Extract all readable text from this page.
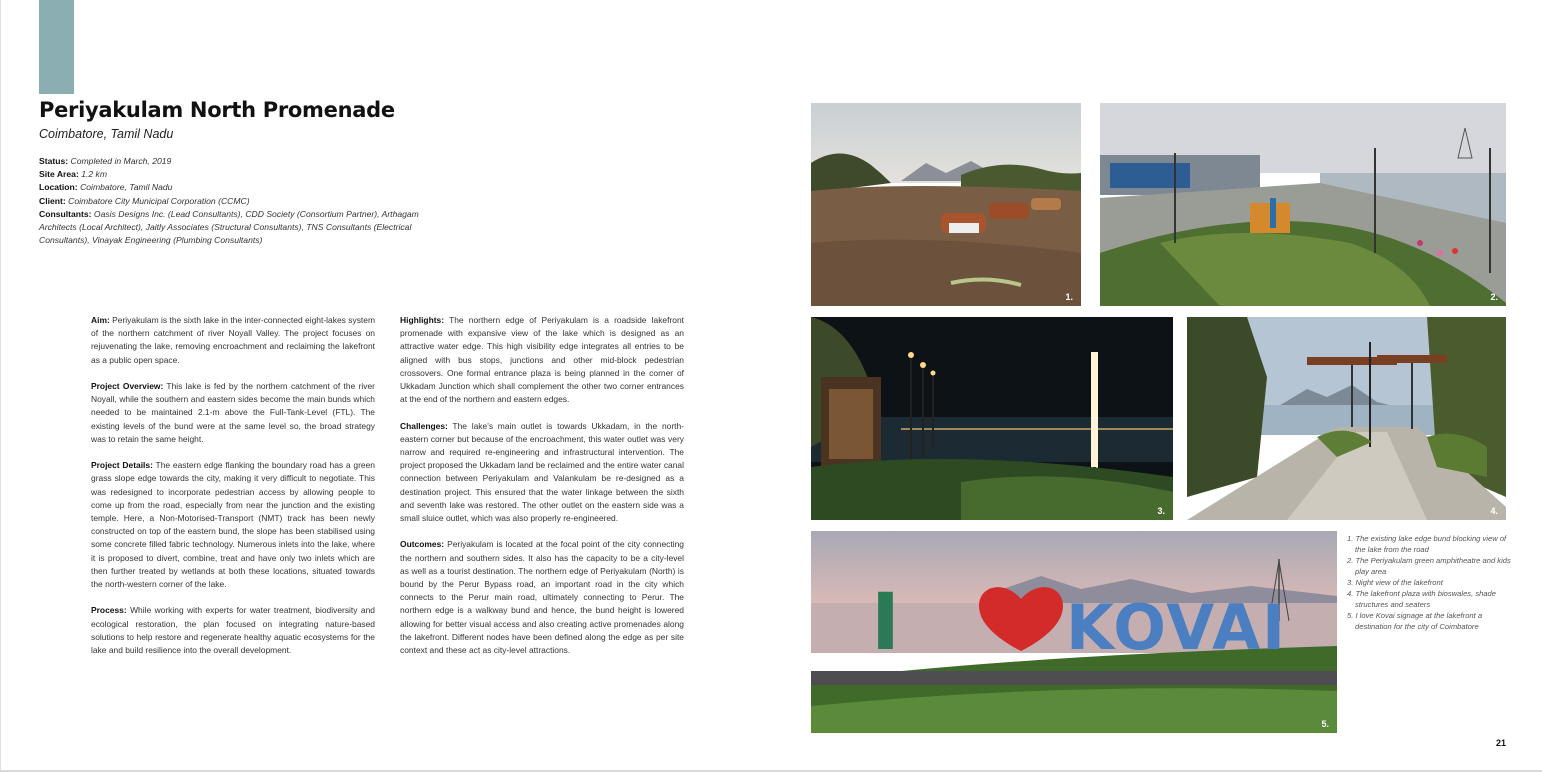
Periyakulam North Promenade
Coimbatore, Tamil Nadu
Status: Completed in March, 2019
Site Area: 1.2 km
Location: Coimbatore, Tamil Nadu
Client: Coimbatore City Municipal Corporation (CCMC)
Consultants: Oasis Designs Inc. (Lead Consultants), CDD Society (Consortium Partner), Arthagam Architects (Local Architect), Jaitly Associates (Structural Consultants), TNS Consultants (Electrical Consultants), Vinayak Engineering (Plumbing Consultants)

Aim: Periyakulam is the sixth lake in the inter-connected eight-lakes system of the northern catchment of river Noyall Valley. The project focuses on rejuvenating the lake, removing encroachment and reclaiming the lakefront as a public open space.

Project Overview: This lake is fed by the northern catchment of the river Noyall, while the southern and eastern sides become the main bunds which needed to be maintained 2.1-m above the Full-Tank-Level (FTL). The existing levels of the bund were at the same level so, the broad strategy was to retain the same height.

Project Details: The eastern edge flanking the boundary road has a green grass slope edge towards the city, making it very difficult to negotiate. This was redesigned to incorporate pedestrian access by allowing people to come up from the road, especially from near the junction and the existing temple. Here, a Non-Motorised-Transport (NMT) track has been newly constructed on top of the eastern bund, the slope has been stabilised using some concrete filled fabric technology. Numerous inlets into the lake, where it is proposed to divert, combine, treat and have only two inlets which are then further treated by wetlands at both these locations, situated towards the north-western corner of the lake.

Process: While working with experts for water treatment, biodiversity and ecological restoration, the plan focused on integrating nature-based solutions to help restore and regenerate healthy aquatic ecosystems for the lake and build resilience into the overall development.

Highlights: The northern edge of Periyakulam is a roadside lakefront promenade with expansive view of the lake which is designed as an attractive water edge. This high visibility edge integrates all entries to be aligned with bus stops, junctions and other mid-block pedestrian crossovers. One formal entrance plaza is being planned in the corner of Ukkadam Junction which shall complement the other two corner entrances at the end of the northern and eastern edges.

Challenges: The lake's main outlet is towards Ukkadam, in the north-eastern corner but because of the encroachment, this water outlet was very narrow and required re-engineering and infrastructural intervention. The project proposed the Ukkadam land be reclaimed and the entire water canal connection between Periyakulam and Valankulam be re-designed as a destination project. This ensured that the water linkage between the sixth and seventh lake was restored. The other outlet on the eastern side was a small sluice outlet, which was also properly re-engineered.

Outcomes: Periyakulam is located at the focal point of the city connecting the northern and southern sides. It also has the capacity to be a city-level as well as a tourist destination. The northern edge of Periyakulam (North) is bound by the Perur Bypass road, an important road in the city which connects to the Perur main road, ultimately connecting to Perur. The northern edge is a walkway bund and hence, the bund height is lowered allowing for better visual access and also creating active promenades along the lakefront. Different nodes have been defined along the edge as per site context and these act as city-level attractions.

1.	2.
3.	4.
I	KOVAI
5.
1. The existing lake edge bund blocking view of the lake from the road
2. The Periyakulam green amphitheatre and kids play area
3. Night view of the lakefront
4. The lakefront plaza with bioswales, shade structures and seaters
5. I love Kovai signage at the lakefront a destination for the city of Coimbatore
21
